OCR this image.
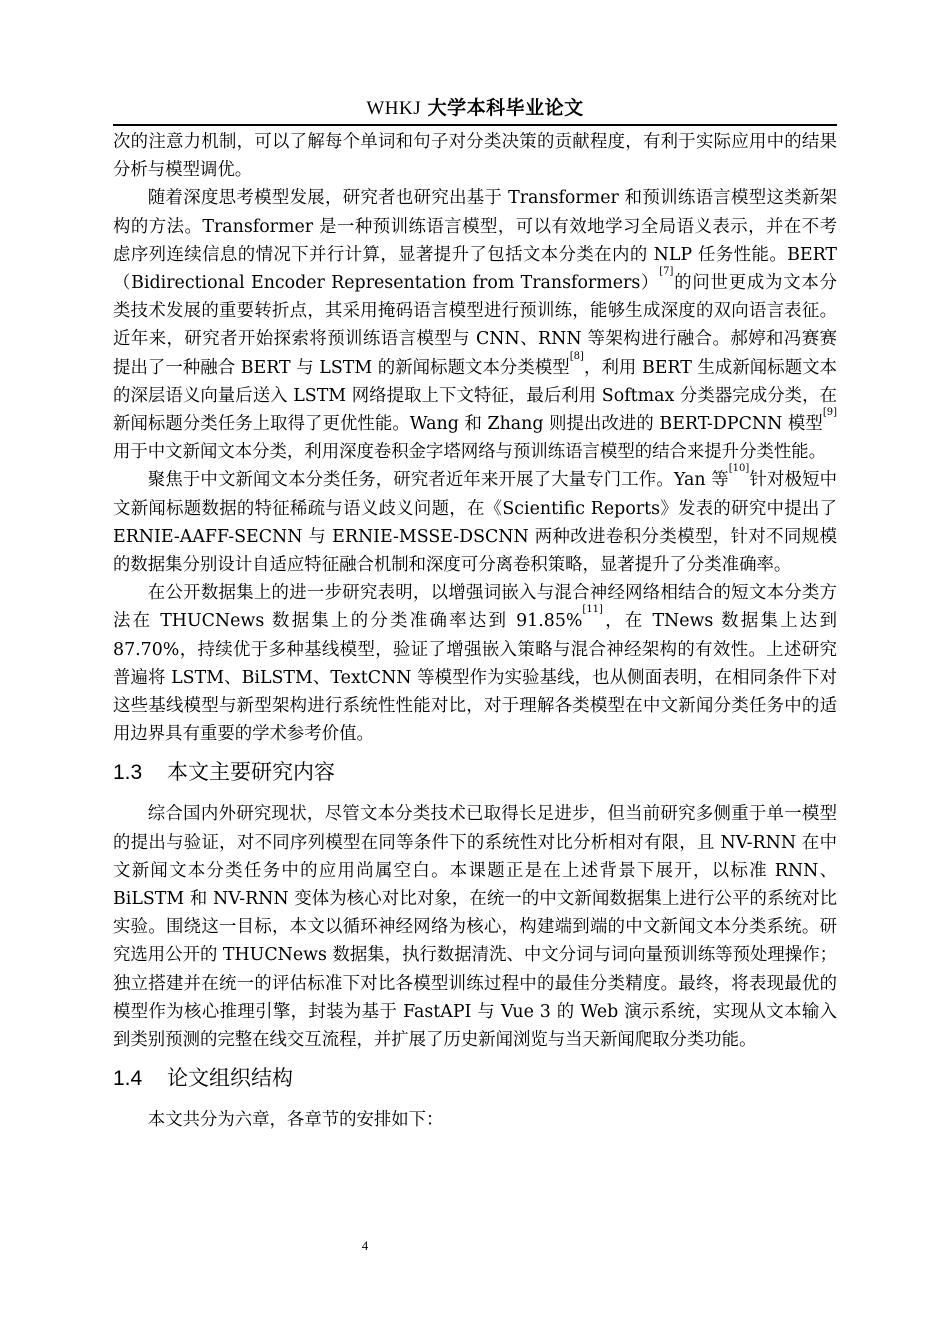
WHKJ 大学本科毕业论文

次的注意力机制，可以了解每个单词和句子对分类决策的贡献程度，有利于实际应用中的结果分析与模型调优。

随着深度思考模型发展，研究者也研究出基于 Transformer 和预训练语言模型这类新架构的方法。Transformer 是一种预训练语言模型，可以有效地学习全局语义表示，并在不考虑序列连续信息的情况下并行计算，显著提升了包括文本分类在内的 NLP 任务性能。BERT（Bidirectional Encoder Representation from Transformers）[7]的问世更成为文本分类技术发展的重要转折点，其采用掩码语言模型进行预训练，能够生成深度的双向语言表征。近年来，研究者开始探索将预训练语言模型与 CNN、RNN 等架构进行融合。郝婷和冯赛赛提出了一种融合 BERT 与 LSTM 的新闻标题文本分类模型[8]，利用 BERT 生成新闻标题文本的深层语义向量后送入 LSTM 网络提取上下文特征，最后利用 Softmax 分类器完成分类，在新闻标题分类任务上取得了更优性能。Wang 和 Zhang 则提出改进的 BERT-DPCNN 模型[9]用于中文新闻文本分类，利用深度卷积金字塔网络与预训练语言模型的结合来提升分类性能。

聚焦于中文新闻文本分类任务，研究者近年来开展了大量专门工作。Yan 等[10]针对极短中文新闻标题数据的特征稀疏与语义歧义问题，在《Scientific Reports》发表的研究中提出了 ERNIE-AAFF-SECNN 与 ERNIE-MSSE-DSCNN 两种改进卷积分类模型，针对不同规模的数据集分别设计自适应特征融合机制和深度可分离卷积策略，显著提升了分类准确率。

在公开数据集上的进一步研究表明，以增强词嵌入与混合神经网络相结合的短文本分类方法在 THUCNews 数据集上的分类准确率达到 91.85%[11]，在 TNews 数据集上达到 87.70%，持续优于多种基线模型，验证了增强嵌入策略与混合神经架构的有效性。上述研究普遍将 LSTM、BiLSTM、TextCNN 等模型作为实验基线，也从侧面表明，在相同条件下对这些基线模型与新型架构进行系统性性能对比，对于理解各类模型在中文新闻分类任务中的适用边界具有重要的学术参考价值。

1.3 本文主要研究内容

综合国内外研究现状，尽管文本分类技术已取得长足进步，但当前研究多侧重于单一模型的提出与验证，对不同序列模型在同等条件下的系统性对比分析相对有限，且 NV-RNN 在中文新闻文本分类任务中的应用尚属空白。本课题正是在上述背景下展开，以标准 RNN、BiLSTM 和 NV-RNN 变体为核心对比对象，在统一的中文新闻数据集上进行公平的系统对比实验。围绕这一目标，本文以循环神经网络为核心，构建端到端的中文新闻文本分类系统。研究选用公开的 THUCNews 数据集，执行数据清洗、中文分词与词向量预训练等预处理操作；独立搭建并在统一的评估标准下对比各模型训练过程中的最佳分类精度。最终，将表现最优的模型作为核心推理引擎，封装为基于 FastAPI 与 Vue 3 的 Web 演示系统，实现从文本输入到类别预测的完整在线交互流程，并扩展了历史新闻浏览与当天新闻爬取分类功能。

1.4 论文组织结构

本文共分为六章，各章节的安排如下：

4
